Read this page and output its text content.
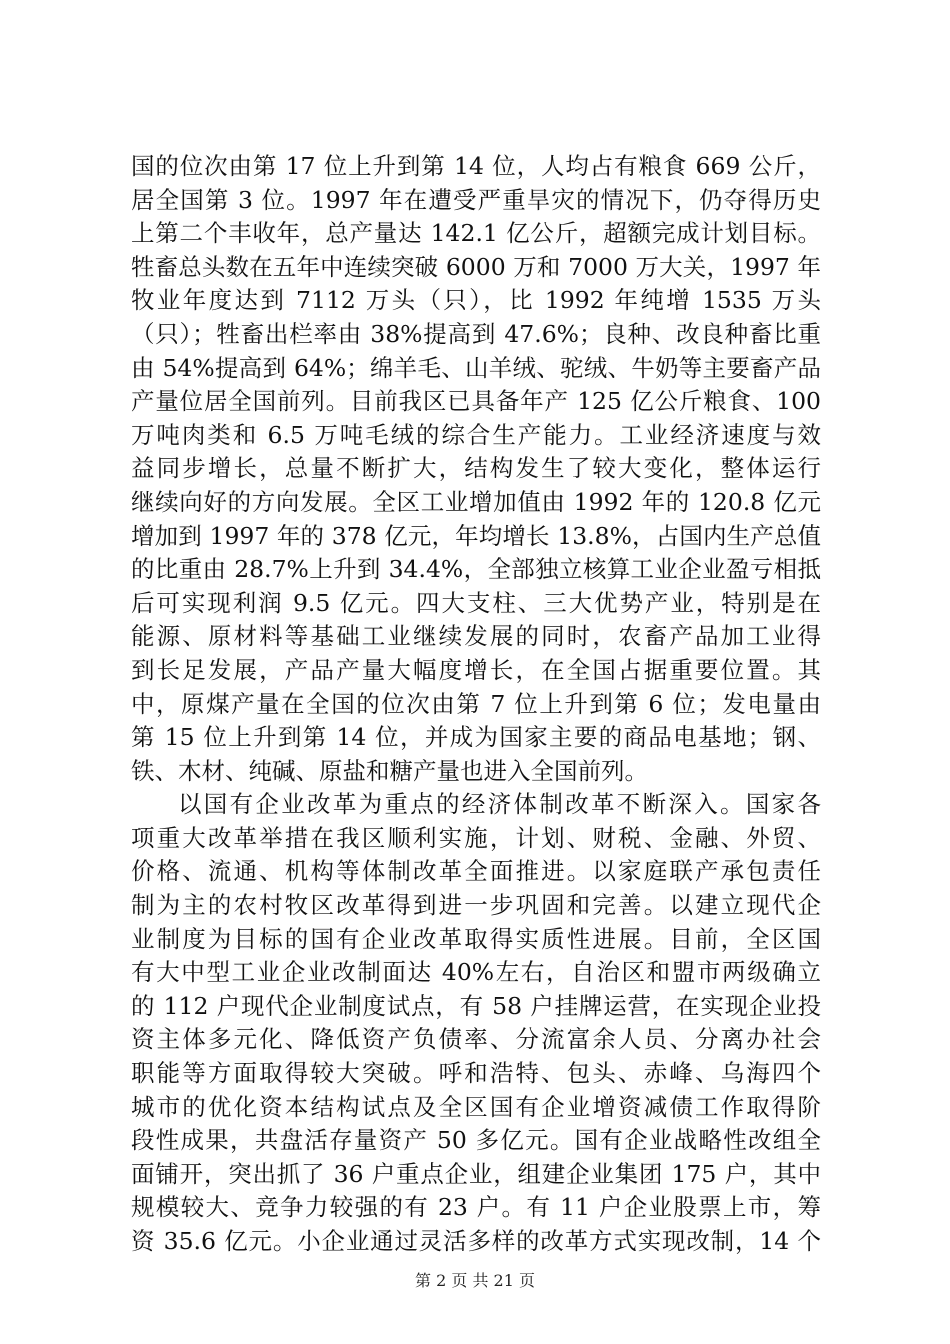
国的位次由第 17 位上升到第 14 位，人均占有粮食 669 公斤，
居全国第 3 位。1997 年在遭受严重旱灾的情况下，仍夺得历史
上第二个丰收年，总产量达 142.1 亿公斤，超额完成计划目标。
牲畜总头数在五年中连续突破 6000 万和 7000 万大关，1997 年
牧业年度达到 7112 万头（只），比 1992 年纯增 1535 万头
（只）；牲畜出栏率由 38%提高到 47.6%；良种、改良种畜比重
由 54%提高到 64%；绵羊毛、山羊绒、驼绒、牛奶等主要畜产品
产量位居全国前列。目前我区已具备年产 125 亿公斤粮食、100
万吨肉类和 6.5 万吨毛绒的综合生产能力。工业经济速度与效
益同步增长，总量不断扩大，结构发生了较大变化，整体运行
继续向好的方向发展。全区工业增加值由 1992 年的 120.8 亿元
增加到 1997 年的 378 亿元，年均增长 13.8%，占国内生产总值
的比重由 28.7%上升到 34.4%，全部独立核算工业企业盈亏相抵
后可实现利润 9.5 亿元。四大支柱、三大优势产业，特别是在
能源、原材料等基础工业继续发展的同时，农畜产品加工业得
到长足发展，产品产量大幅度增长，在全国占据重要位置。其
中，原煤产量在全国的位次由第 7 位上升到第 6 位；发电量由
第 15 位上升到第 14 位，并成为国家主要的商品电基地；钢、
铁、木材、纯碱、原盐和糖产量也进入全国前列。
以国有企业改革为重点的经济体制改革不断深入。国家各
项重大改革举措在我区顺利实施，计划、财税、金融、外贸、
价格、流通、机构等体制改革全面推进。以家庭联产承包责任
制为主的农村牧区改革得到进一步巩固和完善。以建立现代企
业制度为目标的国有企业改革取得实质性进展。目前，全区国
有大中型工业企业改制面达 40%左右，自治区和盟市两级确立
的 112 户现代企业制度试点，有 58 户挂牌运营，在实现企业投
资主体多元化、降低资产负债率、分流富余人员、分离办社会
职能等方面取得较大突破。呼和浩特、包头、赤峰、乌海四个
城市的优化资本结构试点及全区国有企业增资减债工作取得阶
段性成果，共盘活存量资产 50 多亿元。国有企业战略性改组全
面铺开，突出抓了 36 户重点企业，组建企业集团 175 户，其中
规模较大、竞争力较强的有 23 户。有 11 户企业股票上市，筹
资 35.6 亿元。小企业通过灵活多样的改革方式实现改制，14 个
第 2 页 共 21 页
